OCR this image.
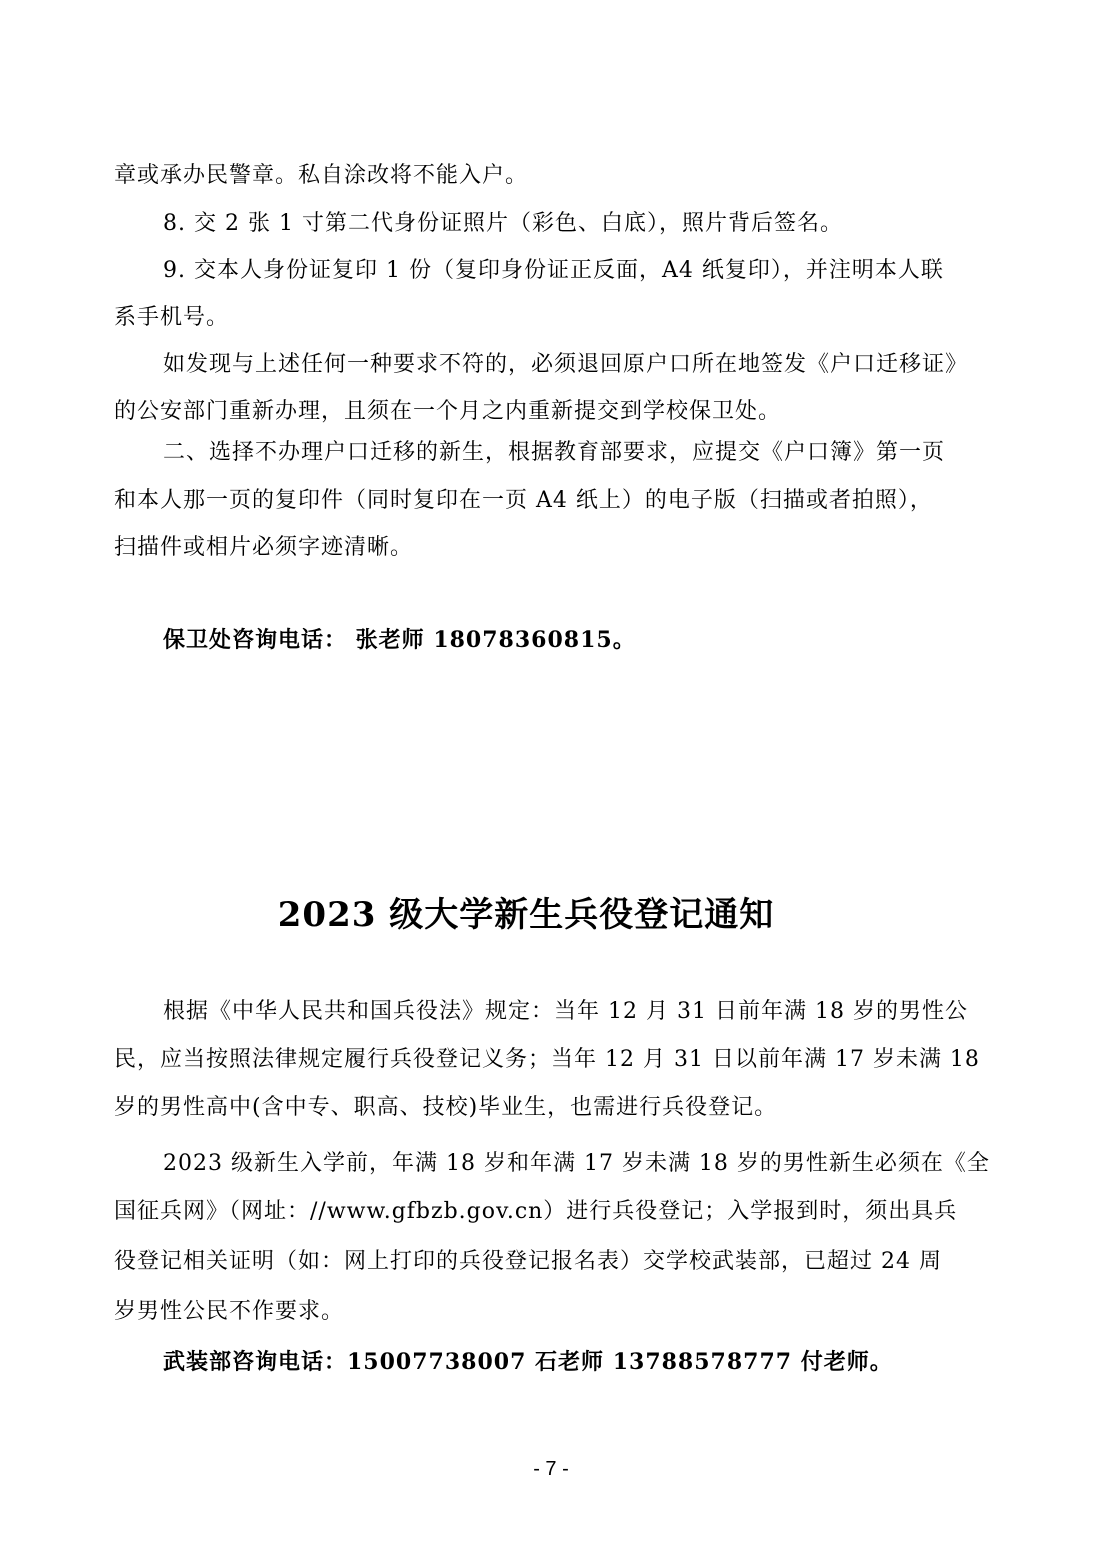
章或承办民警章。私自涂改将不能入户。
8. 交 2 张 1 寸第二代身份证照片（彩色、白底），照片背后签名。
9. 交本人身份证复印 1 份（复印身份证正反面，A4 纸复印），并注明本人联
系手机号。
如发现与上述任何一种要求不符的，必须退回原户口所在地签发《户口迁移证》
的公安部门重新办理，且须在一个月之内重新提交到学校保卫处。
二、选择不办理户口迁移的新生，根据教育部要求，应提交《户口簿》第一页
和本人那一页的复印件（同时复印在一页 A4 纸上）的电子版（扫描或者拍照），
扫描件或相片必须字迹清晰。
保卫处咨询电话： 张老师 18078360815。
2023 级大学新生兵役登记通知
根据《中华人民共和国兵役法》规定：当年 12 月 31 日前年满 18 岁的男性公
民，应当按照法律规定履行兵役登记义务；当年 12 月 31 日以前年满 17 岁未满 18
岁的男性高中(含中专、职高、技校)毕业生，也需进行兵役登记。
2023 级新生入学前，年满 18 岁和年满 17 岁未满 18 岁的男性新生必须在《全
国征兵网》（网址：//www.gfbzb.gov.cn）进行兵役登记；入学报到时，须出具兵
役登记相关证明（如：网上打印的兵役登记报名表）交学校武装部，已超过 24 周
岁男性公民不作要求。
武装部咨询电话：15007738007 石老师 13788578777 付老师。
- 7 -
